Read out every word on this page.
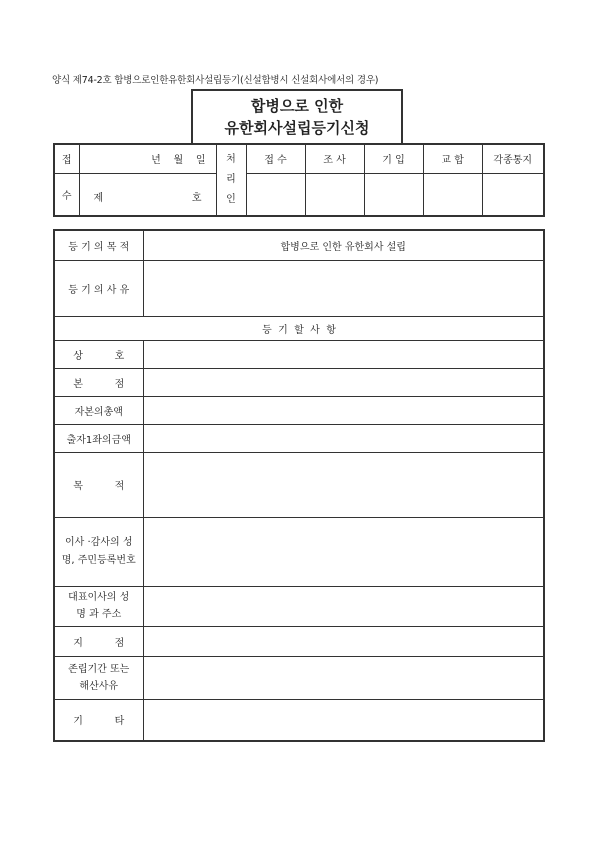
양식 제74-2호 합병으로인한유한회사설립등기(신설합병시 신설회사에서의 경우)
합병으로 인한
유한회사설립등기신청
접	년    월    일	처리인	접 수	조 사	기 입	교 합	각종통지
수	제 호						

등 기 의 목 적	합병으로 인한 유한회사 설립
등 기 의 사 유	
등  기  할  사  항	
상          호	
본          점	
자본의총액	
출자1좌의금액	
목          적	
이사 ·감사의 성명, 주민등록번호	
대표이사의 성명 과 주소	
지          점	
존립기간 또는 해산사유	
기          타	
